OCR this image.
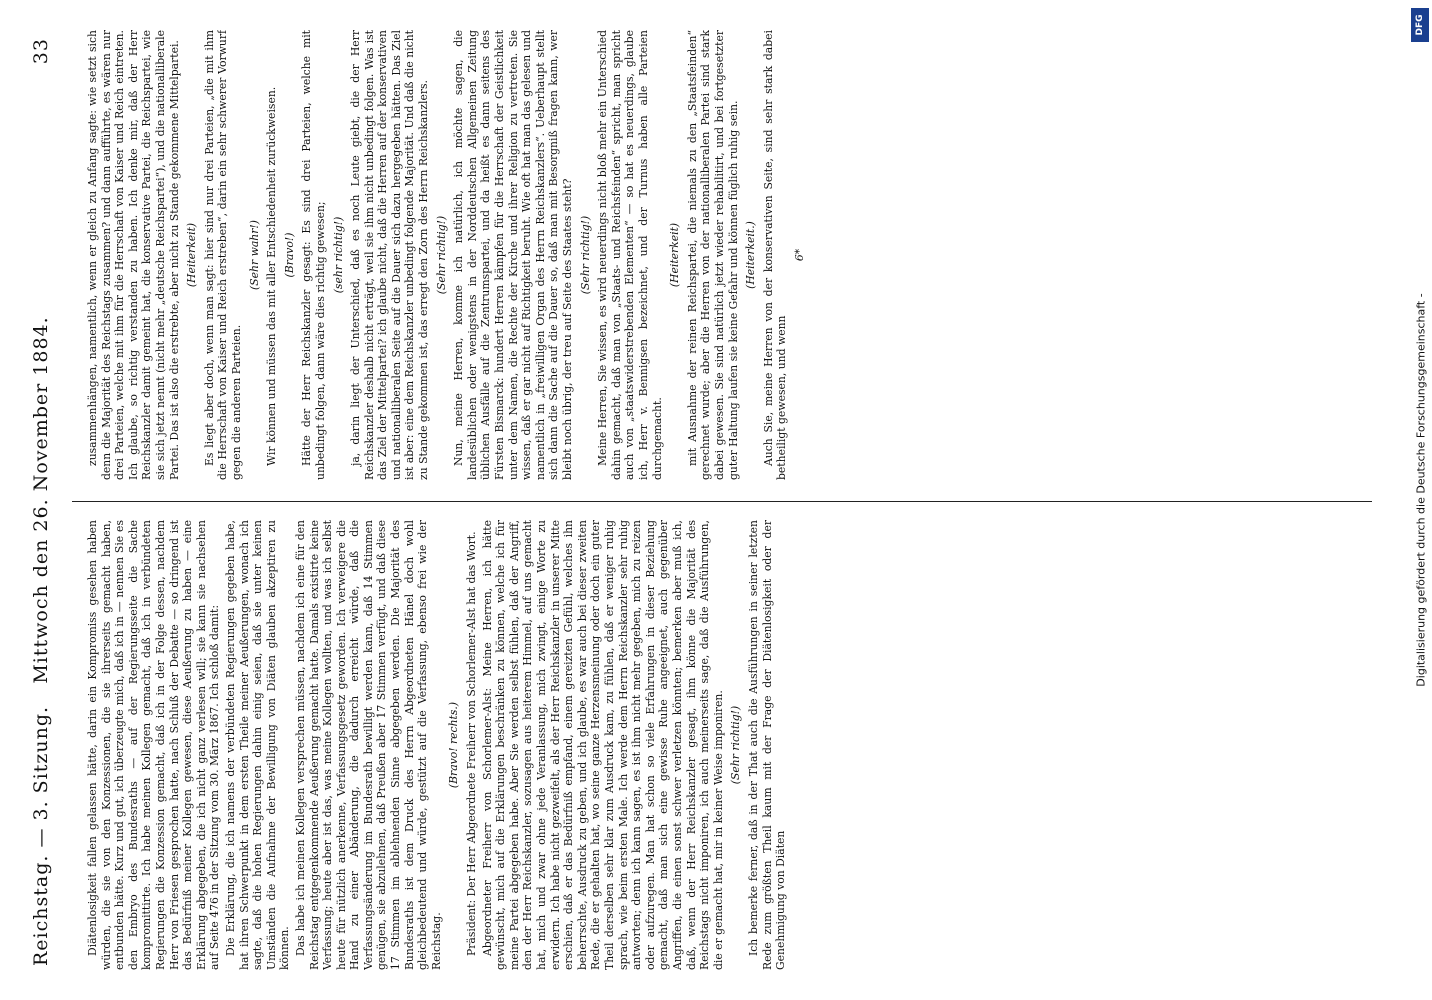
Reichstag. — 3. Sitzung.
Mittwoch den 26. November 1884.
33

Diätenlosigkeit fallen gelassen hätte, darin ein Kompromiss gesehen haben würden, die sie von den Konzessionen, die sie ihrerseits gemacht haben, entbunden hätte. Kurz und gut, ich überzeugte mich, daß ich in — nennen Sie es den Embryo des Bundesraths — auf der Regierungsseite die Sache kompromittirte. Ich habe meinen Kollegen gemacht, daß ich in verbündeten Regierungen die Konzession gemacht, daß ich in der Folge dessen, nachdem Herr von Friesen gesprochen hatte, nach Schluß der Debatte — so dringend ist das Bedürfniß meiner Kollegen gewesen, diese Aeußerung zu haben — eine Erklärung abgegeben, die ich nicht ganz verlesen will; sie kann sie nachsehen auf Seite 476 in der Sitzung vom 30. März 1867. Ich schloß damit: Die Erklärung, die ich namens der verbündeten Regierungen gegeben habe, hat ihren Schwerpunkt in dem ersten Theile meiner Aeußerungen, wonach ich sagte, daß die hohen Regierungen dahin einig seien, daß sie unter keinen Umständen die Aufnahme der Bewilligung von Diäten glauben akzeptiren zu können. Das habe ich meinen Kollegen versprechen müssen, nachdem ich eine für den Reichstag entgegenkommende Aeußerung gemacht hatte. Damals existirte keine Verfassung; heute aber ist das, was meine Kollegen wollten, und was ich selbst heute für nützlich anerkenne, Verfassungsgesetz geworden. Ich verweigere die Hand zu einer Abänderung, die dadurch erreicht würde, daß die Verfassungsänderung im Bundesrath bewilligt werden kann, daß 14 Stimmen genügen, sie abzulehnen, daß Preußen aber 17 Stimmen verfügt, und daß diese 17 Stimmen im ablehnenden Sinne abgegeben werden. Die Majorität des Bundesraths ist dem Druck des Herrn Abgeordneten Hänel doch wohl gleichbedeutend und würde, gestützt auf die Verfassung, ebenso frei wie der Reichstag.

(Bravo! rechts.) Präsident: Der Herr Abgeordnete Freiherr von Schorlemer-Alst hat das Wort. Abgeordneter Freiherr von Schorlemer-Alst: Meine Herren, ich hätte gewünscht, mich auf die Erklärungen beschränken zu können, welche ich für meine Partei abgegeben habe. Aber Sie werden selbst fühlen, daß der Angriff, den der Herr Reichskanzler, sozusagen aus heiterem Himmel, auf uns gemacht hat, mich und zwar ohne jede Veranlassung, mich zwingt, einige Worte zu erwidern. Ich habe nicht gezweifelt, als der Herr Reichskanzler in unserer Mitte erschien, daß er das Bedürfniß empfand, einem gereizten Gefühl, welches ihn beherrschte, Ausdruck zu geben, und ich glaube, es war auch bei dieser zweiten Rede, die er gehalten hat, wo seine ganze Herzensmeinung oder doch ein guter Theil derselben sehr klar zum Ausdruck kam, zu fühlen, daß er weniger ruhig sprach, wie beim ersten Male. Ich werde dem Herrn Reichskanzler sehr ruhig antworten; denn ich kann sagen, es ist ihm nicht mehr gegeben, mich zu reizen oder aufzuregen. Man hat schon so viele Erfahrungen in dieser Beziehung gemacht, daß man sich eine gewisse Ruhe angeeignet, auch gegenüber Angriffen, die einen sonst schwer verletzen könnten; bemerken aber muß ich, daß, wenn der Herr Reichskanzler gesagt, ihm könne die Majorität des Reichstags nicht imponiren, ich auch meinerseits sage, daß die Ausführungen, die er gemacht hat, mir in keiner Weise imponiren. (Sehr richtig!) Ich bemerke ferner, daß in der That auch die Ausführungen in seiner letzten Rede zum größten Theil kaum mit der Frage der Diätenlosigkeit oder der Genehmigung von Diäten

zusammenhängen, namentlich, wenn er gleich zu Anfang sagte: wie setzt sich denn die Majorität des Reichstags zusammen? und dann aufführte, es wären nur drei Parteien, welche mit ihm für die Herrschaft von Kaiser und Reich eintreten. Ich glaube, so richtig verstanden zu haben. Ich denke mir, daß der Herr Reichskanzler damit gemeint hat, die konservative Partei, die Reichspartei, wie sie sich jetzt nennt (nicht mehr „deutsche Reichspartei“), und die nationalliberale Partei. Das ist also die erstrebte, aber nicht zu Stande gekommene Mittelpartei. (Heiterkeit) Es liegt aber doch, wenn man sagt: hier sind nur drei Parteien, „die mit ihm die Herrschaft von Kaiser und Reich erstreben“, darin ein sehr schwerer Vorwurf gegen die anderen Parteien.

(Sehr wahr!) Wir können und müssen das mit aller Entschiedenheit zurückweisen. (Bravo!) Hätte der Herr Reichskanzler gesagt: Es sind drei Parteien, welche mit unbedingt folgen, dann wäre dies richtig gewesen; (sehr richtig!) ja, darin liegt der Unterschied, daß es noch Leute giebt, die der Herr Reichskanzler deshalb nicht erträgt, weil sie ihm nicht unbedingt folgen. Was ist das Ziel der Mittelpartei? ich glaube nicht, daß die Herren auf der konservativen und nationalliberalen Seite auf die Dauer sich dazu hergegeben hätten. Das Ziel ist aber: eine dem Reichskanzler unbedingt folgende Majorität. Und daß die nicht zu Stande gekommen ist, das erregt den Zorn des Herrn Reichskanzlers. (Sehr richtig!) Nun, meine Herren, komme ich natürlich, ich möchte sagen, die landesüblichen oder wenigstens in der Norddeutschen Allgemeinen Zeitung üblichen Ausfälle auf die Zentrumspartei, und da heißt es dann seitens des Fürsten Bismarck: hundert Herren kämpfen für die Herrschaft der Geistlichkeit unter dem Namen, die Rechte der Kirche und ihrer Religion zu vertreten. Sie wissen, daß er gar nicht auf Richtigkeit beruht. Wie oft hat man das gelesen und namentlich in „freiwilligen Organ des Herrn Reichskanzlers“. Ueberhaupt stellt sich dann die Sache auf die Dauer so, daß man mit Besorgniß fragen kann, wer bleibt noch übrig, der treu auf Seite des Staates steht? (Sehr richtig!) Meine Herren, Sie wissen, es wird neuerdings nicht bloß mehr ein Unterschied dahin gemacht, daß man von „Staats- und Reichsfeinden“ spricht, man spricht auch von „staatswiderstrebenden Elementen“ — so hat es neuerdings, glaube ich, Herr v. Bennigsen bezeichnet, und der Turnus haben alle Parteien durchgemacht.

(Heiterkeit) mit Ausnahme der reinen Reichspartei, die niemals zu den „Staatsfeinden“ gerechnet wurde; aber die Herren von der nationalliberalen Partei sind stark dabei gewesen. Sie sind natürlich jetzt wieder rehabilitirt, und bei fortgesetzter guter Haltung laufen sie keine Gefahr und können füglich ruhig sein. (Heiterkeit.) Auch Sie, meine Herren von der konservativen Seite, sind sehr stark dabei betheiligt gewesen, und wenn

6*

DFG
Digitalisierung gefördert durch die Deutsche Forschungsgemeinschaft -
